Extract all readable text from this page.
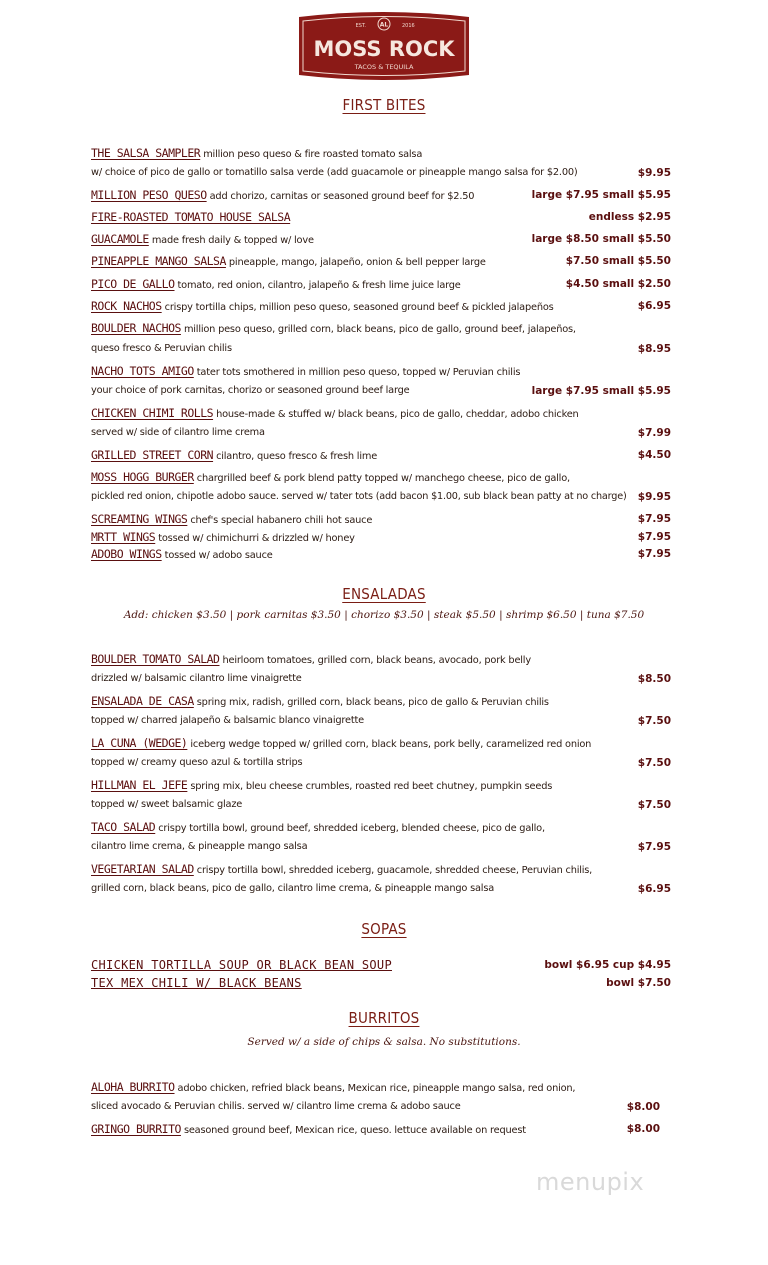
AL
EST.	2016
MOSS ROCK
TACOS & TEQUILA
FIRST BITES
THE SALSA SAMPLER million peso queso & fire roasted tomato salsa
w/ choice of pico de gallo or tomatillo salsa verde (add guacamole or pineapple mango salsa for $2.00)	$9.95
MILLION PESO QUESO add chorizo, carnitas or seasoned ground beef for $2.50	large $7.95 small $5.95
FIRE-ROASTED TOMATO HOUSE SALSA	endless $2.95
GUACAMOLE made fresh daily & topped w/ love	large $8.50 small $5.50
PINEAPPLE MANGO SALSA pineapple, mango, jalapeño, onion & bell pepper large	$7.50 small $5.50
PICO DE GALLO tomato, red onion, cilantro, jalapeño & fresh lime juice large	$4.50 small $2.50
ROCK NACHOS crispy tortilla chips, million peso queso, seasoned ground beef & pickled jalapeños	$6.95
BOULDER NACHOS million peso queso, grilled corn, black beans, pico de gallo, ground beef, jalapeños,
queso fresco & Peruvian chilis	$8.95
NACHO TOTS AMIGO tater tots smothered in million peso queso, topped w/ Peruvian chilis
your choice of pork carnitas, chorizo or seasoned ground beef large	large $7.95 small $5.95
CHICKEN CHIMI ROLLS house-made & stuffed w/ black beans, pico de gallo, cheddar, adobo chicken
served w/ side of cilantro lime crema	$7.99
GRILLED STREET CORN cilantro, queso fresco & fresh lime	$4.50
MOSS HOGG BURGER chargrilled beef & pork blend patty topped w/ manchego cheese, pico de gallo,
pickled red onion, chipotle adobo sauce. served w/ tater tots (add bacon $1.00, sub black bean patty at no charge) $9.95
SCREAMING WINGS chef's special habanero chili hot sauce	$7.95
MRTT WINGS tossed w/ chimichurri & drizzled w/ honey	$7.95
ADOBO WINGS tossed w/ adobo sauce	$7.95
ENSALADAS
Add: chicken $3.50 | pork carnitas $3.50 | chorizo $3.50 | steak $5.50 | shrimp $6.50 | tuna $7.50
BOULDER TOMATO SALAD heirloom tomatoes, grilled corn, black beans, avocado, pork belly
drizzled w/ balsamic cilantro lime vinaigrette	$8.50
ENSALADA DE CASA spring mix, radish, grilled corn, black beans, pico de gallo & Peruvian chilis
topped w/ charred jalapeño & balsamic blanco vinaigrette	$7.50
LA CUNA (WEDGE) iceberg wedge topped w/ grilled corn, black beans, pork belly, caramelized red onion
topped w/ creamy queso azul & tortilla strips	$7.50
HILLMAN EL JEFE spring mix, bleu cheese crumbles, roasted red beet chutney, pumpkin seeds
topped w/ sweet balsamic glaze	$7.50
TACO SALAD crispy tortilla bowl, ground beef, shredded iceberg, blended cheese, pico de gallo,
cilantro lime crema, & pineapple mango salsa	$7.95
VEGETARIAN SALAD crispy tortilla bowl, shredded iceberg, guacamole, shredded cheese, Peruvian chilis,
grilled corn, black beans, pico de gallo, cilantro lime crema, & pineapple mango salsa	$6.95
SOPAS
CHICKEN TORTILLA SOUP OR BLACK BEAN SOUP	bowl $6.95 cup $4.95
TEX MEX CHILI W/ BLACK BEANS	bowl $7.50
BURRITOS
Served w/ a side of chips & salsa. No substitutions.
ALOHA BURRITO adobo chicken, refried black beans, Mexican rice, pineapple mango salsa, red onion,
sliced avocado & Peruvian chilis. served w/ cilantro lime crema & adobo sauce	$8.00
GRINGO BURRITO seasoned ground beef, Mexican rice, queso. lettuce available on request	$8.00
menupix
